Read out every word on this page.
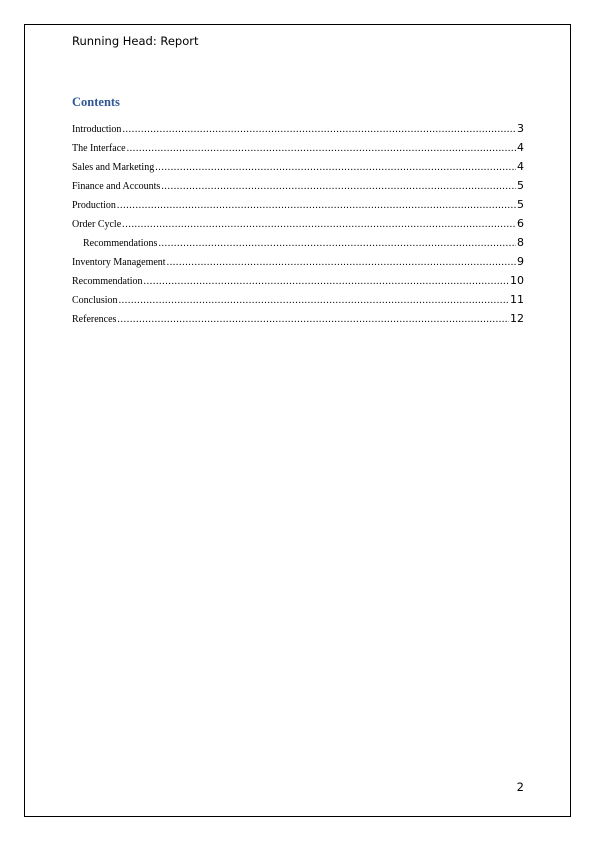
Running Head: Report
Contents
Introduction .....	3
The Interface .....	4
Sales and Marketing .....	4
Finance and Accounts .....	5
Production .....	5
Order Cycle .....	6
Recommendations .....	8
Inventory Management .....	9
Recommendation .....	10
Conclusion .....	11
References .....	12
2
